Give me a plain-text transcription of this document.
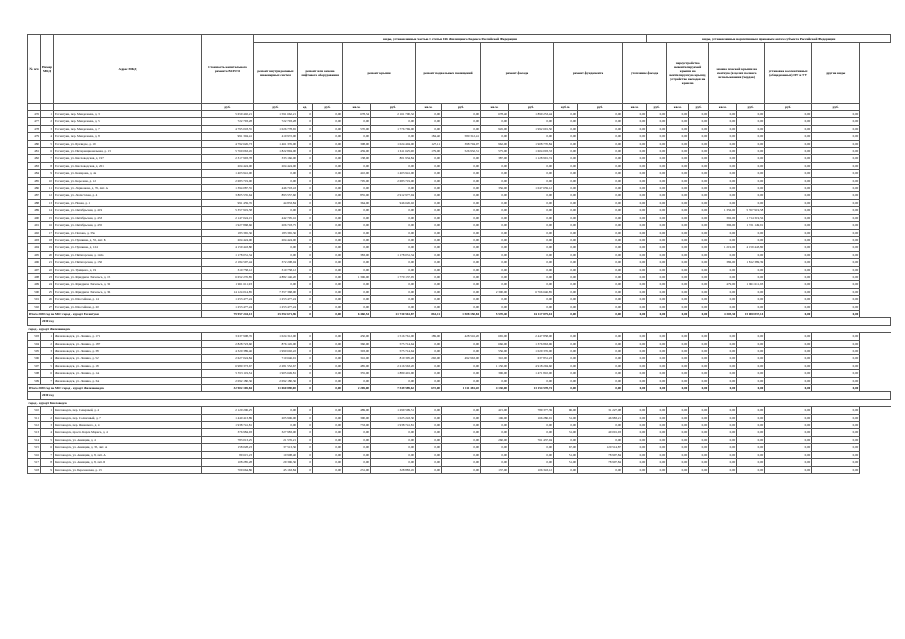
№ п/п	Номер МКД	Адрес МКД	Стоимость капитального ремонта ВСЕГО	виды, установленные частью 1 статьи 166 Жилищного Кодекса Российской Федерации												виды, установленные нормативным правовым актом субъекта Российской Федерации						
				ремонт внутридомовых инженерных систем	ремонт или замена лифтового оборудования		ремонт крыши		ремонт подвальных помещений		ремонт фасада		ремонт фундамента		утепление фасада		переустройство невентилируемой крыши на вентилируемую крышу, устройство выходов на кровлю		замена плоской крыши на скатную (в целях полного использования (чердак)		установка коллективных (общедомовых) ПУ и УУ	другие виды
			руб.	руб.	ед.	руб.	кв.м.	руб.	кв.м.	руб.	кв.м.	руб.	куб.м.	руб.	кв.м.	руб.	кв.м.	руб.	кв.м.	руб.	руб.	руб.
476	1	Ессентуки, пер. Менделеева, д. 3	5 659 402,21	1 591 662,21	0	0,00	678,34	2 161 700,32	0,00	0,00	678,40	1 899 253,44	0,00	0,00	0,00	0,00	0,00	0,00	0,00	0,00	0,00	0,00
477	2	Ессентуки, пер. Менделеева, д. 5	722 793,28	722 793,28	0	0,00	0,00	0,00	0,00	0,00	0,00	0,00	0,00	0,00	0,00	0,00	0,00	0,00	0,00	0,00	0,00	0,00
478	3	Ессентуки, пер. Менделеева, д. 7	4 795 018,55	1 026 778,65	0	0,00	570,00	1 776 769,00	0,00	0,00	945,00	1 992 691,50	0,00	0,00	0,00	0,00	0,00	0,00	0,00	0,00	0,00	0,00
479	4	Ессентуки, пер. Менделеева, д. 8	991 304,41	410 972,00	0	0,00	0,00	0,00	184,40	580 312,41	0,00	0,00	0,00	0,00	0,00	0,00	0,00	0,00	0,00	0,00	0,00	0,00
480	5	Ессентуки, ул. Буачидзе, д. 19	4 792 626,73	1 461 376,00	0	0,00	308,00	1 024 404,00	127,11	398 704,07	962,00	1 908 770,84	0,00	0,00	0,00	0,00	0,00	0,00	0,00	0,00	0,00	0,00
481	6	Ессентуки, ул. Интернациональная, д. 13	5 760 063,45	1 822 894,00	0	0,00	459,00	1 611 625,00	179,00	526 932,31	575,00	1 604 003,33	0,00	0,00	0,00	0,00	0,00	0,00	0,00	0,00	0,00	0,00
482	7	Ессентуки, ул. Кисловодская, д. 197	2 317 993,78	333 166,00	0	0,00	138,00	801 934,84	0,00	0,00	387,00	1 128 991,74	0,00	0,00	0,00	0,00	0,00	0,00	0,00	0,00	0,00	0,00
483	8	Ессентуки, ул. Кисловодская, д. 201	204 424,00	204 424,00	0	0,00	0,00	0,00	0,00	0,00	0,00	0,00	0,00	0,00	0,00	0,00	0,00	0,00	0,00	0,00	0,00	0,00
484	9	Ессентуки, ул. Комарова, д. 4а	1 403 941,00	0,00	0	0,00	410,00	1 403 941,00	0,00	0,00	0,00	0,00	0,00	0,00	0,00	0,00	0,00	0,00	0,00	0,00	0,00	0,00
485	10	Ессентуки, ул. Королева, д. 12	2 683 719,00	0,00	0	0,00	705,00	2 683 719,00	0,00	0,00	0,00	0,00	0,00	0,00	0,00	0,00	0,00	0,00	0,00	0,00	0,00	0,00
486	11	Ессентуки, ул. Ларионова, д. 76, лит. А	1 394 087,55	446 718,43	0	0,00	0,00	0,00	0,00	0,00	356,00	1 047 659,12	0,00	0,00	0,00	0,00	0,00	0,00	0,00	0,00	0,00	0,00
487	12	Ессентуки, ул. Лесистская, д. 4	3 805 535,64	893 557,60	0	0,00	855,00	2 912 977,94	0,00	0,00	0,00	0,00	0,00	0,00	0,00	0,00	0,00	0,00	0,00	0,00	0,00	0,00
488	13	Ессентуки, ул. Новая, д. 1	991 459,76	44 833,84	0	0,00	364,00	946 626,02	0,00	0,00	0,00	0,00	0,00	0,00	0,00	0,00	0,00	0,00	0,00	0,00	0,00	0,00
489	14	Ессентуки, ул. Октябрьская, д. 419	5 357 919,58	0,00	0	0,00	0,00	0,00	0,00	0,00	0,00	0,00	0,00	0,00	0,00	0,00	0,00	0,00	1 356,00	5 357 919,58	0,00	0,00
490	15	Ессентуки, ул. Октябрьская, д. 433	2 147 024,15	442 705,16	0	0,00	0,00	0,00	0,00	0,00	0,00	0,00	0,00	0,00	0,00	0,00	0,00	0,00	392,00	1 714 319,56	0,00	0,00
491	16	Ессентуки, ул. Октябрьская, д. 435	1 927 868,66	206 718,75	0	0,00	0,00	0,00	0,00	0,00	0,00	0,00	0,00	0,00	0,00	0,00	0,00	0,00	396,00	1 721 149,91	0,00	0,00
492	17	Ессентуки, ул. Попова, д. 33а	183 365,36	183 365,36	0	0,00	0,00	0,00	0,00	0,00	0,00	0,00	0,00	0,00	0,00	0,00	0,00	0,00	0,00	0,00	0,00	0,00
493	18	Ессентуки, ул. Пушкина, д. 55, лит. Б	204 424,00	204 424,00	0	0,00	0,00	0,00	0,00	0,00	0,00	0,00	0,00	0,00	0,00	0,00	0,00	0,00	0,00	0,00	0,00	0,00
494	19	Ессентуки, ул. Пушкина, д. 124	4 159 443,80	0,00	0	0,00	0,00	0,00	0,00	0,00	0,00	0,00	0,00	0,00	0,00	0,00	0,00	0,00	1 219,00	4 159 443,80	0,00	0,00
495	20	Ессентуки, ул. Пятигорская, д. 142а	1 178 031,34	0,00	0	0,00	383,00	1 178 031,34	0,00	0,00	0,00	0,00	0,00	0,00	0,00	0,00	0,00	0,00	0,00	0,00	0,00	0,00
496	21	Ессентуки, ул. Пятигорская, д. 150	2 184 597,44	372 208,04	0	0,00	0,00	0,00	0,00	0,00	0,00	0,00	0,00	0,00	0,00	0,00	0,00	0,00	386,00	1 812 389,39	0,00	0,00
497	22	Ессентуки, ул. Урицкого, д. 19	310 758,12	310 758,12	0	0,00	0,00	0,00	0,00	0,00	0,00	0,00	0,00	0,00	0,00	0,00	0,00	0,00	0,00	0,00	0,00	0,00
498	23	Ессентуки, ул. Фридриха Энгельса, д. 15	6 652 276,85	4 882 146,20	0	0,00	1 306,00	1 770 137,95	0,00	0,00	0,00	0,00	0,00	0,00	0,00	0,00	0,00	0,00	0,00	0,00	0,00	0,00
499	24	Ессентуки, ул. Фридриха Энгельса, д. 32	1 961 611,93	0,00	0	0,00	0,00	0,00	0,00	0,00	0,00	0,00	0,00	0,00	0,00	0,00	0,00	0,00	479,00	1 961 611,93	0,00	0,00
500	25	Ессентуки, ул. Фридриха Энгельса, д. 36	14 124 014,85	7 357 368,00	0	0,00	0,00	0,00	0,00	0,00	2 300,00	6 766 646,85	0,00	0,00	0,00	0,00	0,00	0,00	0,00	0,00	0,00	0,00
501	26	Ессентуки, ул. Шоссейная, д. 14	1 253 477,24	1 253 477,24	0	0,00	0,00	0,00	0,00	0,00	0,00	0,00	0,00	0,00	0,00	0,00	0,00	0,00	0,00	0,00	0,00	0,00
502	27	Ессентуки, ул. Шоссейная, д. 20	1 253 477,24	1 253 477,24	0	0,00	0,00	0,00	0,00	0,00	0,00	0,00	0,00	0,00	0,00	0,00	0,00	0,00	0,00	0,00	0,00	0,00
Итого 2030 год по МО: город - курорт Ессентуки			79 957 244,13	25 592 671,96	0	0,00	6 460,54	21 730 561,87	861,11	1 508 150,84	5 570,40	16 117 875,44	0,00	0,00	0,00	0,00	0,00	0,00	4 305,30	15 000 837,14	0,00	0,00
	2030 год																					
город - курорт Железноводск																						
503	1	Железноводск, ул. Ленина, д. 171	3 637 908,76	1 024 312,00	0	0,00	450,00	1 516 761,00	189,00	428 516,20	665,00	2 447 858,00	0,00	0,00	0,00	0,00	0,00	0,00	0,00	0,00	0,00	0,00
504	2	Железноводск, ул. Ленина, д. 187	2 828 723,60	876 145,00	0	0,00	360,00	575 714,64	0,00	0,00	666,00	1 376 863,96	0,00	0,00	0,00	0,00	0,00	0,00	0,00	0,00	0,00	0,00
505	3	Железноводск, ул. Ленина, д. 38	4 320 389,46	1 990 602,22	0	0,00	303,00	575 714,64	0,00	0,00	556,00	1 029 376,00	0,00	0,00	0,00	0,00	0,00	0,00	0,00	0,00	0,00	0,00
506	4	Железноводск, ул. Ленина, д. 52	2 627 024,84	710 646,91	0	0,00	316,00	819 395,20	292,00	492 963,00	310,00	637 831,23	0,00	0,00	0,00	0,00	0,00	0,00	0,00	0,00	0,00	0,00
507	5	Железноводск, ул. Ленина, д. 18	6 980 373,67	2 281 552,67	0	0,00	485,00	2 216 563,20	0,00	0,00	1 150,00	4 918 294,60	0,00	0,00	0,00	0,00	0,00	0,00	0,00	0,00	0,00	0,00
508	6	Железноводск, ул. Ленина, д. 1А	5 353 119,34	1 905 649,81	0	0,00	355,00	1 880 401,90	0,00	0,00	396,00	1 471 810,00	0,00	0,00	0,00	0,00	0,00	0,00	0,00	0,00	0,00	0,00
509	7	Железноводск, ул. Ленина, д. 3А	2 092 180,36	2 092 180,36	0	0,00	0,00	0,00	0,00	0,00	0,00	0,00	0,00	0,00	0,00	0,00	0,00	0,00	0,00	0,00	0,00	0,00
Итого 2030 год по МО: город - курорт Железноводск			32 902 169,84	11 060 890,00	0	0,00	2 269,00	7 549 589,62	672,00	1 111 481,20	4 130,00	13 154 578,74	0,00	0,00	0,00	0,00	0,00	0,00	0,00	0,00	0,00	0,00
	2030 год																					
город - курорт Кисловодск																						
510	1	Кисловодск, пер. Северный, д. 4	2 120 206,25	0,00	0	0,00	489,00	1 299 599,51	0,00	0,00	415,00	789 377,39	96,00	31 227,08	0,00	0,00	0,00	0,00	0,00	0,00	0,00	0,00
511	2	Кисловодск, пер. Солнечный, д. 7	1 440 413,89	205 906,00	0	0,00	390,00	1 025 243,30	0,00	0,00	106,00	166 286,01	31,00	46 983,21	0,00	0,00	0,00	0,00	0,00	0,00	0,00	0,00
512	3	Кисловодск, пер. Яновского, д. 4	1 938 741,81	0,00	0	0,00	733,00	1 938 741,81	0,00	0,00	0,00	0,00	0,00	0,00	0,00	0,00	0,00	0,00	0,00	0,00	0,00	0,00
513	4	Кисловодск, просп. Карла Маркса, д. 4	376 984,93	327 983,00	0	0,00	0,00	0,00	0,00	0,00	0,00	0,00	31,00	49 001,93	0,00	0,00	0,00	0,00	0,00	0,00	0,00	0,00
514	5	Кисловодск, ул. Авиации, д. 4	783 013,25	21 576,21	0	0,00	0,00	0,00	0,00	0,00	260,00	761 437,04	0,00	0,00	0,00	0,00	0,00	0,00	0,00	0,00	0,00	0,00
515	6	Кисловодск, ул. Авиации, д. 35, лит. А	158 028,23	37 513,36	0	0,00	0,00	0,00	0,00	0,00	0,00	0,00	67,00	120 514,87	0,00	0,00	0,00	0,00	0,00	0,00	0,00	0,00
516	7	Кисловодск, ул. Авиации, д. 8, лит. А	89 615,23	10 908,40	0	0,00	0,00	0,00	0,00	0,00	0,00	0,00	51,00	78 907,84	0,00	0,00	0,00	0,00	0,00	0,00	0,00	0,00
517	8	Кисловодск, ул. Авиации, д. 8, лит. Б	108 285,28	29 396,36	0	0,00	0,00	0,00	0,00	0,00	0,00	0,00	51,00	78 907,84	0,00	0,00	0,00	0,00	0,00	0,00	0,00	0,00
518	9	Кисловодск, ул. Березовская, д. 13	709 664,86	45 163,84	0	0,00	231,00	328 883,45	0,00	0,00	137,00	106 343,12	0,00	0,00	0,00	0,00	0,00	0,00	0,00	0,00	0,00	0,00
